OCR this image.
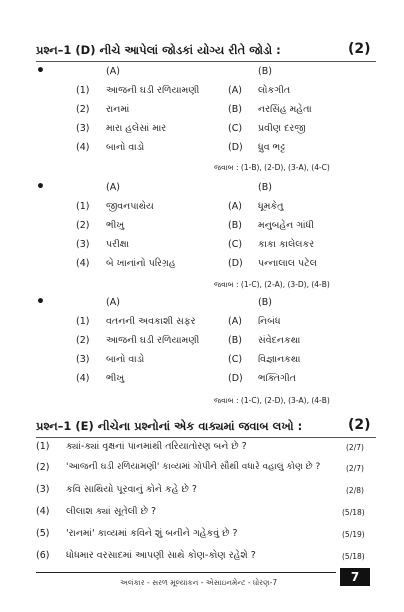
પ્રશ્ન–1 (D) નીચે આપેલાં જોડકાં યોગ્ય રીતે જોડો :	(2)
•	(A)	(B)
(1) આજની ઘડી રળિયામણી	(A) લોકગીત
(2) રાનમાં	(B) નરસિંહ મહેતા
(3) મારા હલેસાં માર	(C) પ્રવીણ દરજી
(4) બાનો વાડો	(D) ધ્રુવ ભટ્ટ
જવાબ : (1-B), (2-D), (3-A), (4-C)
•	(A)	(B)
(1) જીવનપાથેય	(A) ધૂમકેતુ
(2) ભીખુ	(B) મનુબહેન ગાંધી
(3) પરીક્ષા	(C) કાકા કાલેલકર
(4) બે ખાનાંનો પરિગ્રહ	(D) પન્નાલાલ પટેલ
જવાબ : (1-C), (2-A), (3-D), (4-B)
•	(A)	(B)
(1) વતનની અવકાશી સફર	(A) નિબંધ
(2) આજની ઘડી રળિયામણી	(B) સંવેદનકથા
(3) બાનો વાડો	(C) વિજ્ઞાનકથા
(4) ભીખુ	(D) ભક્તિગીત
જવાબ : (1-C), (2-D), (3-A), (4-B)
પ્રશ્ન–1 (E) નીચેના પ્રશ્નોનાં એક વાક્યમાં જવાબ લખો :	(2)
(1) ક્યાં-ક્યાં વૃક્ષનાં પાનમાંથી તરિયાતોરણ બને છે ?	(2/7)
(2) 'આજની ઘડી રળિયામણી' કાવ્યમાં ગોપીને સૌથી વધારે વહાલું કોણ છે ?	(2/7)
(3) કવિ સાથિયો પૂરવાનું કોને કહે છે ?	(2/8)
(4) લીલાશ ક્યાં સૂતેલી છે ?	(5/18)
(5) 'રાનમાં' કાવ્યમાં કવિને શું બનીને ગહેકવું છે ?	(5/19)
(6) ધોધમાર વરસાદમાં આપણી સાથે કોણ-કોણ રહેશે ?	(5/18)
અલંકાર - સરળ મૂલ્યાંકન - એસાઇનમેન્ટ - ધોરણ-7	7
